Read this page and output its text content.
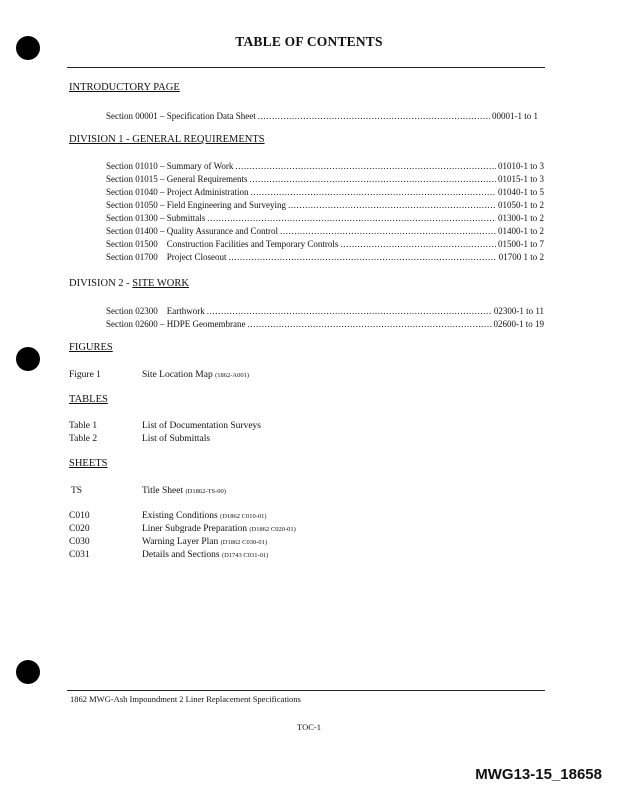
TABLE OF CONTENTS
INTRODUCTORY PAGE
Section 00001 – Specification Data Sheet .....	00001-1 to 1
DIVISION 1 - GENERAL REQUIREMENTS
Section 01010 – Summary of Work .....	01010-1 to 3
Section 01015 – General Requirements .....	01015-1 to 3
Section 01040 – Project Administration .....	01040-1 to 5
Section 01050 – Field Engineering and Surveying .....	01050-1 to 2
Section 01300 – Submittals .....	01300-1 to 2
Section 01400 – Quality Assurance and Control .....	01400-1 to 2
Section 01500    Construction Facilities and Temporary Controls .....	01500-1 to 7
Section 01700    Project Closeout .....	01700 1 to 2
DIVISION 2 - SITE WORK
Section 02300    Earthwork .....	02300-1 to 11
Section 02600 – HDPE Geomembrane .....	02600-1 to 19
FIGURES
Figure 1	Site Location Map (1862-A001)
TABLES
Table 1	List of Documentation Surveys
Table 2	List of Submittals
SHEETS
TS	Title Sheet (D1862-TS-00)
C010	Existing Conditions (D1862 C010-01)
C020	Liner Subgrade Preparation (D1862 C020-01)
C030	Warning Layer Plan (D1862 C030-01)
C031	Details and Sections (D1743 C031-01)
1862 MWG-Ash Impoundment 2 Liner Replacement Specifications
TOC-1
MWG13-15_18658
